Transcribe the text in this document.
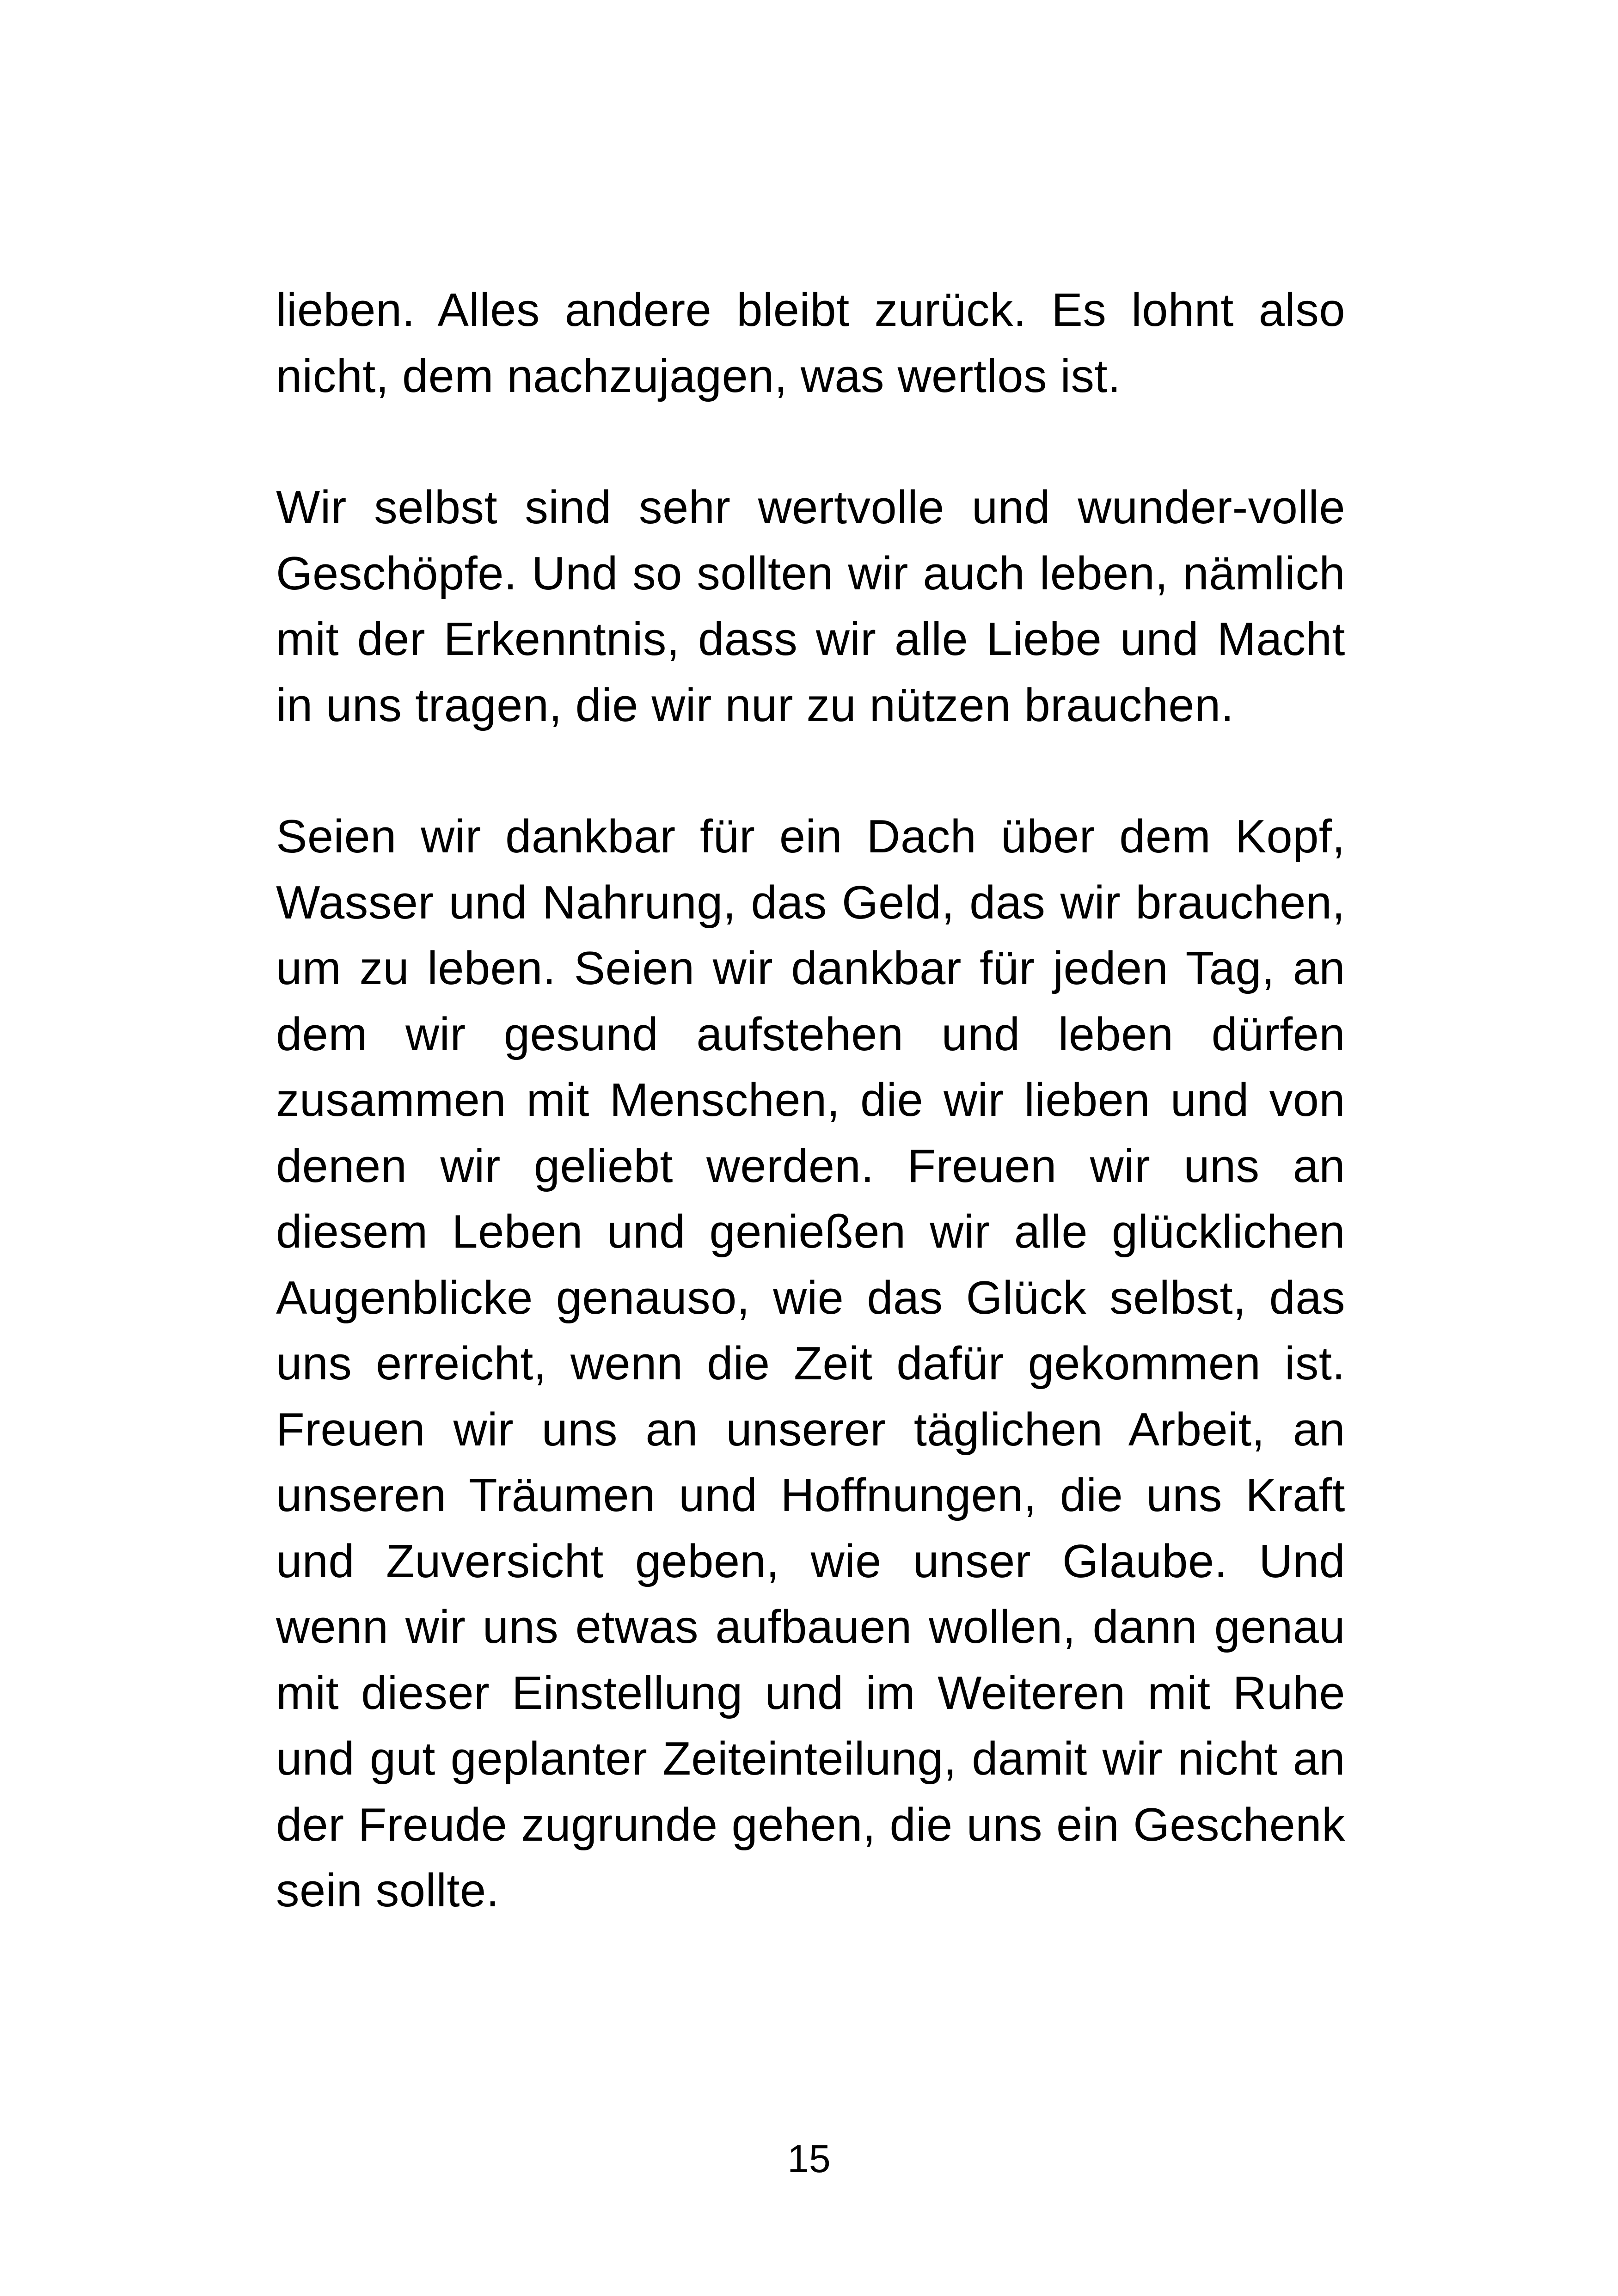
lieben. Alles andere bleibt zurück. Es lohnt also nicht, dem nachzujagen, was wertlos ist.

Wir selbst sind sehr wertvolle und wunder-volle Geschöpfe. Und so sollten wir auch leben, nämlich mit der Erkenntnis, dass wir alle Liebe und Macht in uns tragen, die wir nur zu nützen brauchen.

Seien wir dankbar für ein Dach über dem Kopf, Wasser und Nahrung, das Geld, das wir brauchen, um zu leben. Seien wir dankbar für jeden Tag, an dem wir gesund aufstehen und leben dürfen zusammen mit Menschen, die wir lieben und von denen wir geliebt werden. Freuen wir uns an diesem Leben und genießen wir alle glücklichen Augenblicke genauso, wie das Glück selbst, das uns erreicht, wenn die Zeit dafür gekommen ist. Freuen wir uns an unserer täglichen Arbeit, an unseren Träumen und Hoffnungen, die uns Kraft und Zuversicht geben, wie unser Glaube. Und wenn wir uns etwas aufbauen wollen, dann genau mit dieser Einstellung und im Weiteren mit Ruhe und gut geplanter Zeiteinteilung, damit wir nicht an der Freude zugrunde gehen, die uns ein Geschenk sein sollte.

15
